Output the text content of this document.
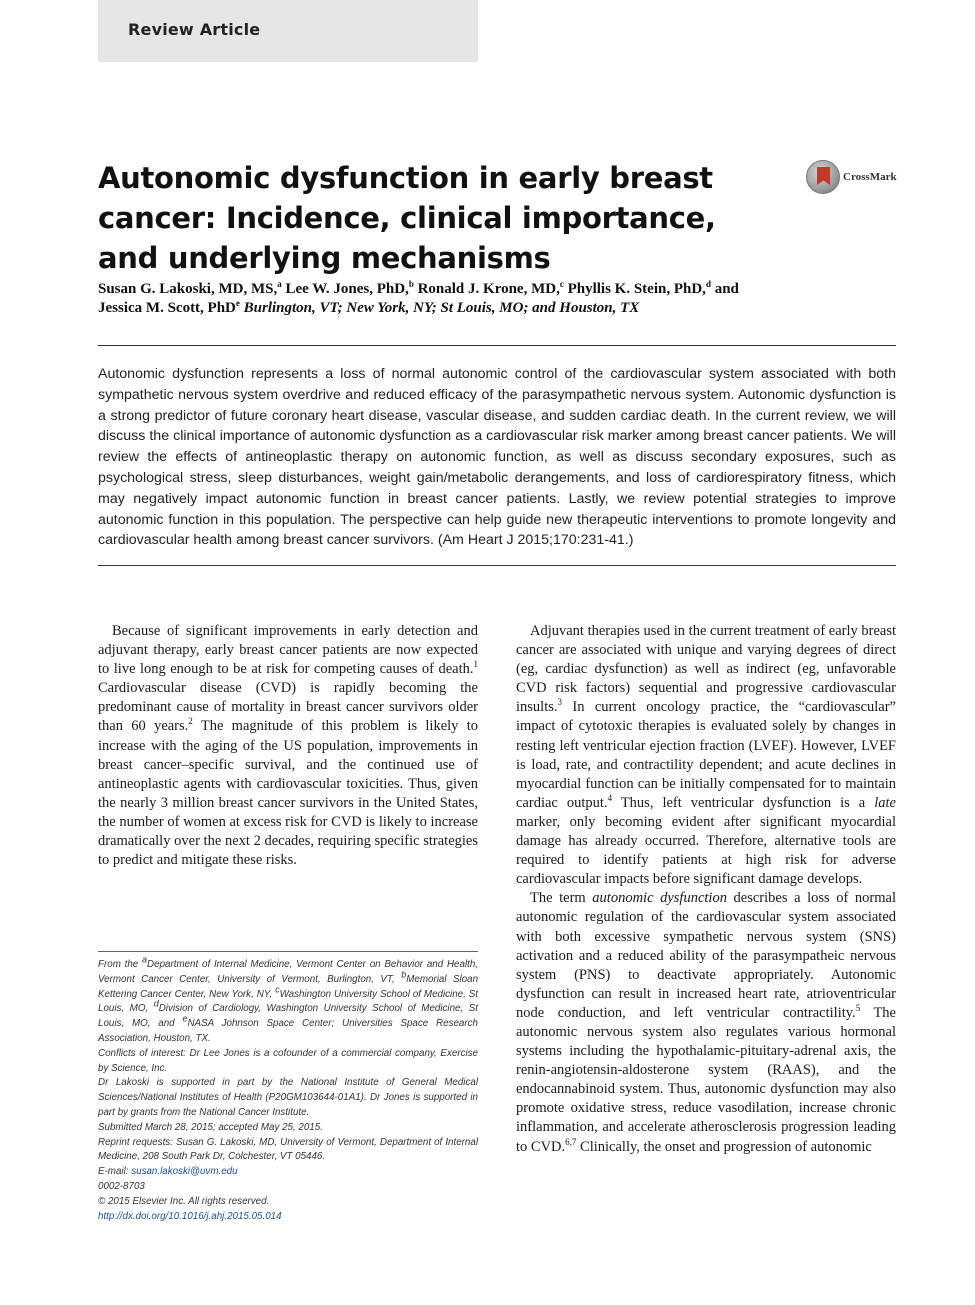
Review Article
Autonomic dysfunction in early breast cancer: Incidence, clinical importance, and underlying mechanisms
CrossMark
Susan G. Lakoski, MD, MS,$^a$ Lee W. Jones, PhD,$^b$ Ronald J. Krone, MD,$^c$ Phyllis K. Stein, PhD,$^d$ and
Jessica M. Scott, PhD$^e$ Burlington, VT; New York, NY; St Louis, MO; and Houston, TX
Autonomic dysfunction represents a loss of normal autonomic control of the cardiovascular system associated with both sympathetic nervous system overdrive and reduced efficacy of the parasympathetic nervous system. Autonomic dysfunction is a strong predictor of future coronary heart disease, vascular disease, and sudden cardiac death. In the current review, we will discuss the clinical importance of autonomic dysfunction as a cardiovascular risk marker among breast cancer patients. We will review the effects of antineoplastic therapy on autonomic function, as well as discuss secondary exposures, such as psychological stress, sleep disturbances, weight gain/metabolic derangements, and loss of cardiorespiratory fitness, which may negatively impact autonomic function in breast cancer patients. Lastly, we review potential strategies to improve autonomic function in this population. The perspective can help guide new therapeutic interventions to promote longevity and cardiovascular health among breast cancer survivors. (Am Heart J 2015;170:231-41.)

Because of significant improvements in early detection and adjuvant therapy, early breast cancer patients are now expected to live long enough to be at risk for competing causes of death.$^1$ Cardiovascular disease (CVD) is rapidly becoming the predominant cause of mortality in breast cancer survivors older than 60 years.$^2$ The magnitude of this problem is likely to increase with the aging of the US population, improvements in breast cancer–specific survival, and the continued use of antineoplastic agents with cardiovascular toxicities. Thus, given the nearly 3 million breast cancer survivors in the United States, the number of women at excess risk for CVD is likely to increase dramatically over the next 2 decades, requiring specific strategies to predict and mitigate these risks.

Adjuvant therapies used in the current treatment of early breast cancer are associated with unique and varying degrees of direct (eg, cardiac dysfunction) as well as indirect (eg, unfavorable CVD risk factors) sequential and progressive cardiovascular insults.$^3$ In current oncology practice, the “cardiovascular” impact of cytotoxic therapies is evaluated solely by changes in resting left ventricular ejection fraction (LVEF). However, LVEF is load, rate, and contractility dependent; and acute declines in myocardial function can be initially compensated for to maintain cardiac output.$^4$ Thus, left ventricular dysfunction is a late marker, only becoming evident after significant myocardial damage has already occurred. Therefore, alternative tools are required to identify patients at high risk for adverse cardiovascular impacts before significant damage develops.

The term autonomic dysfunction describes a loss of normal autonomic regulation of the cardiovascular system associated with both excessive sympathetic nervous system (SNS) activation and a reduced ability of the parasympatheic nervous system (PNS) to deactivate appropriately. Autonomic dysfunction can result in increased heart rate, atrioventricular node conduction, and left ventricular contractility.$^5$ The autonomic nervous system also regulates various hormonal systems including the hypothalamic-pituitary-adrenal axis, the renin-angiotensin-aldosterone system (RAAS), and the endocannabinoid system. Thus, autonomic dysfunction may also promote oxidative stress, reduce vasodilation, increase chronic inflammation, and accelerate atherosclerosis progression leading to CVD.$^{6,7}$ Clinically, the onset and progression of autonomic

From the $^a$Department of Internal Medicine, Vermont Center on Behavior and Health, Vermont Cancer Center, University of Vermont, Burlington, VT, $^b$Memorial Sloan Kettering Cancer Center, New York, NY, $^c$Washington University School of Medicine, St Louis, MO, $^d$Division of Cardiology, Washington University School of Medicine, St Louis, MO, and $^e$NASA Johnson Space Center; Universities Space Research Association, Houston, TX.
Conflicts of interest: Dr Lee Jones is a cofounder of a commercial company, Exercise by Science, Inc.
Dr Lakoski is supported in part by the National Institute of General Medical Sciences/National Institutes of Health (P20GM103644-01A1). Dr Jones is supported in part by grants from the National Cancer Institute.
Submitted March 28, 2015; accepted May 25, 2015.
Reprint requests: Susan G. Lakoski, MD, University of Vermont, Department of Internal Medicine, 208 South Park Dr, Colchester, VT 05446.
E-mail: susan.lakoski@uvm.edu
0002-8703
© 2015 Elsevier Inc. All rights reserved.
http://dx.doi.org/10.1016/j.ahj.2015.05.014
